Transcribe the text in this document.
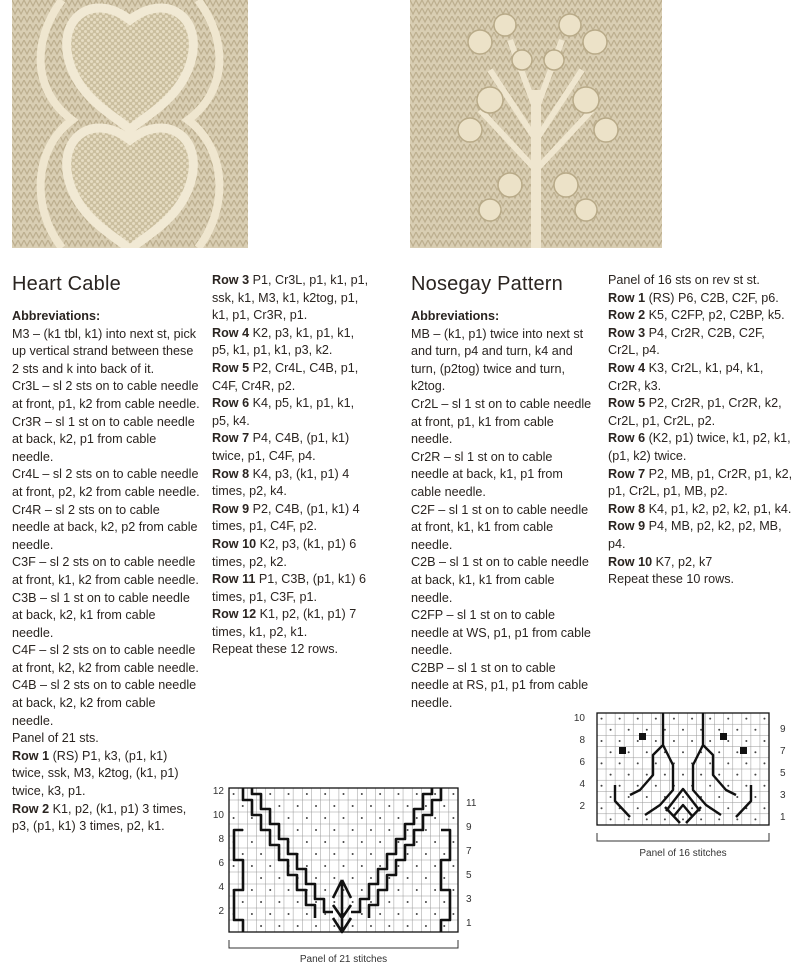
Heart Cable
Abbreviations:
M3 – (k1 tbl, k1) into next st, pick up vertical strand between these 2 sts and k into back of it.
Cr3L – sl 2 sts on to cable needle at front, p1, k2 from cable needle.
Cr3R – sl 1 st on to cable needle at back, k2, p1 from cable needle.
Cr4L – sl 2 sts on to cable needle at front, p2, k2 from cable needle.
Cr4R – sl 2 sts on to cable needle at back, k2, p2 from cable needle.
C3F – sl 2 sts on to cable needle at front, k1, k2 from cable needle.
C3B – sl 1 st on to cable needle at back, k2, k1 from cable needle.
C4F – sl 2 sts on to cable needle at front, k2, k2 from cable needle.
C4B – sl 2 sts on to cable needle at back, k2, k2 from cable needle.
Panel of 21 sts.
Row 1 (RS) P1, k3, (p1, k1) twice, ssk, M3, k2tog, (k1, p1) twice, k3, p1.
Row 2 K1, p2, (k1, p1) 3 times, p3, (p1, k1) 3 times, p2, k1.
Row 3 P1, Cr3L, p1, k1, p1, ssk, k1, M3, k1, k2tog, p1, k1, p1, Cr3R, p1.
Row 4 K2, p3, k1, p1, k1, p5, k1, p1, k1, p3, k2.
Row 5 P2, Cr4L, C4B, p1, C4F, Cr4R, p2.
Row 6 K4, p5, k1, p1, k1, p5, k4.
Row 7 P4, C4B, (p1, k1) twice, p1, C4F, p4.
Row 8 K4, p3, (k1, p1) 4 times, p2, k4.
Row 9 P2, C4B, (p1, k1) 4 times, p1, C4F, p2.
Row 10 K2, p3, (k1, p1) 6 times, p2, k2.
Row 11 P1, C3B, (p1, k1) 6 times, p1, C3F, p1.
Row 12 K1, p2, (k1, p1) 7 times, k1, p2, k1.
Repeat these 12 rows.
Nosegay Pattern
Abbreviations:
MB – (k1, p1) twice into next st and turn, p4 and turn, k4 and turn, (p2tog) twice and turn, k2tog.
Cr2L – sl 1 st on to cable needle at front, p1, k1 from cable needle.
Cr2R – sl 1 st on to cable needle at back, k1, p1 from cable needle.
C2F – sl 1 st on to cable needle at front, k1, k1 from cable needle.
C2B – sl 1 st on to cable needle at back, k1, k1 from cable needle.
C2FP – sl 1 st on to cable needle at WS, p1, p1 from cable needle.
C2BP – sl 1 st on to cable needle at RS, p1, p1 from cable needle.
Panel of 16 sts on rev st st.
Row 1 (RS) P6, C2B, C2F, p6.
Row 2 K5, C2FP, p2, C2BP, k5.
Row 3 P4, Cr2R, C2B, C2F, Cr2L, p4.
Row 4 K3, Cr2L, k1, p4, k1, Cr2R, k3.
Row 5 P2, Cr2R, p1, Cr2R, k2, Cr2L, p1, Cr2L, p2.
Row 6 (K2, p1) twice, k1, p2, k1, (p1, k2) twice.
Row 7 P2, MB, p1, Cr2R, p1, k2, p1, Cr2L, p1, MB, p2.
Row 8 K4, p1, k2, p2, k2, p1, k4.
Row 9 P4, MB, p2, k2, p2, MB, p4.
Row 10 K7, p2, k7
Repeat these 10 rows.
12
10
8
6
4
2
11
9
7
5
3
1
Panel of 21 stitches
10
8
6
4
2
9
7
5
3
1
Panel of 16 stitches
